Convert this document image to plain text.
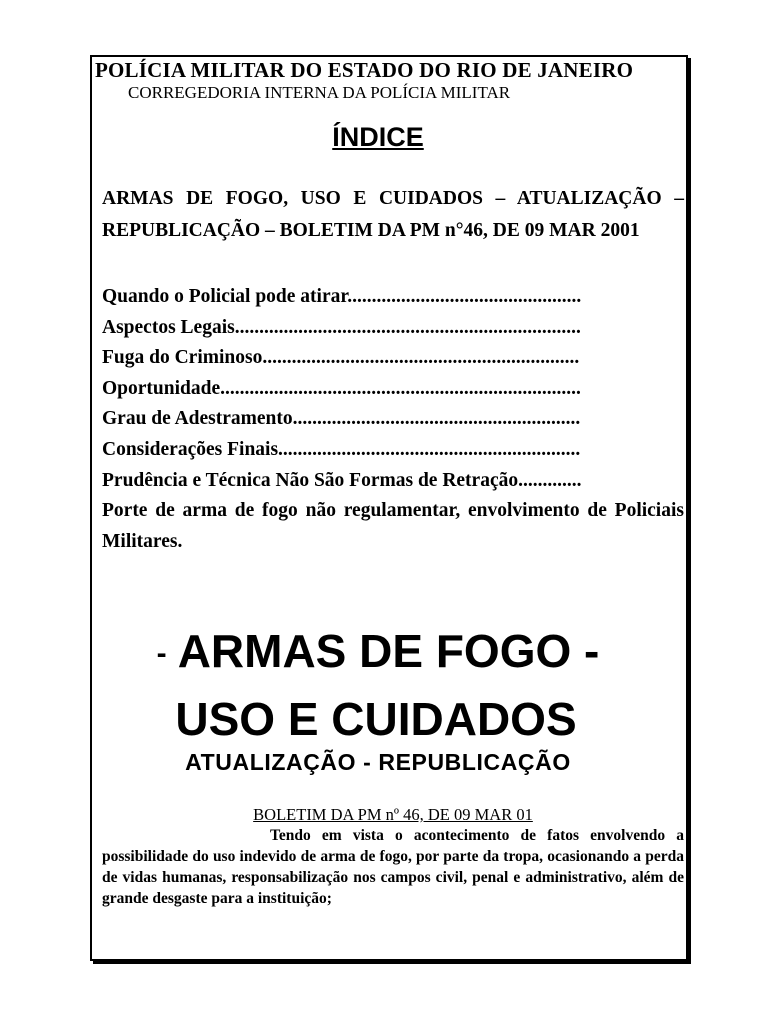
POLÍCIA MILITAR DO ESTADO DO RIO DE JANEIRO
CORREGEDORIA INTERNA DA POLÍCIA MILITAR
ÍNDICE
ARMAS DE FOGO, USO E CUIDADOS – ATUALIZAÇÃO – REPUBLICAÇÃO – BOLETIM DA PM n°46, DE 09 MAR 2001
Quando o Policial pode atirar................................................
Aspectos Legais.......................................................................
Fuga do Criminoso.................................................................
Oportunidade..........................................................................
Grau de Adestramento...........................................................
Considerações Finais..............................................................
Prudência e Técnica Não São Formas de Retração.............
Porte de arma de fogo não regulamentar, envolvimento de Policiais Militares.
- ARMAS DE FOGO -
USO E CUIDADOS
ATUALIZAÇÃO - REPUBLICAÇÃO
BOLETIM DA PM nº 46, DE 09 MAR 01
Tendo em vista o acontecimento de fatos envolvendo a possibilidade do uso indevido de arma de fogo, por parte da tropa, ocasionando a perda de vidas humanas, responsabilização nos campos civil, penal e administrativo, além de grande desgaste para a instituição;
